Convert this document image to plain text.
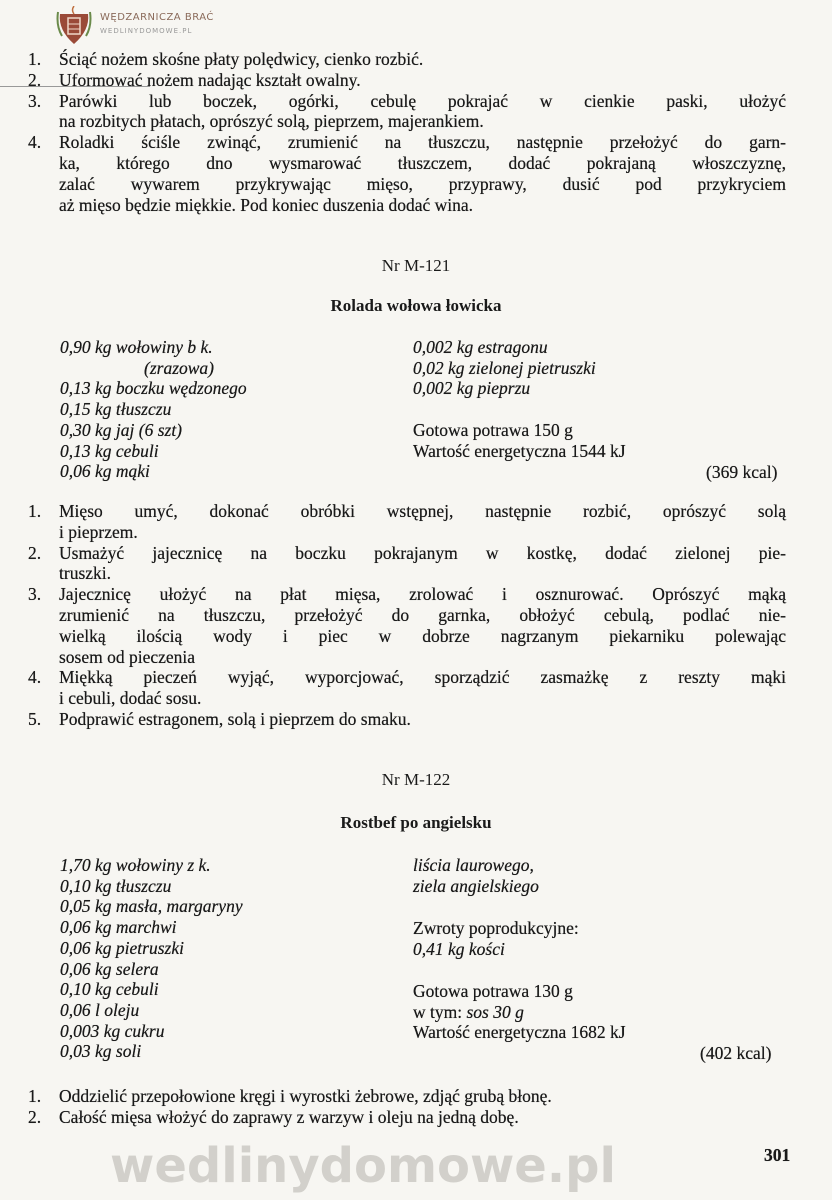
wedlinydomowe.pl
WĘDZARNICZA BRAĆ
WEDLINYDOMOWE.PL
1. Ściąć nożem skośne płaty polędwicy, cienko rozbić.
2. Uformować nożem nadając kształt owalny.
3. Parówki lub boczek, ogórki, cebulę pokrajać w cienkie paski, ułożyć
na rozbitych płatach, oprószyć solą, pieprzem, majerankiem.
4. Roladki ściśle zwinąć, zrumienić na tłuszczu, następnie przełożyć do garn-
ka, którego dno wysmarować tłuszczem, dodać pokrajaną włoszczyznę,
zalać wywarem przykrywając mięso, przyprawy, dusić pod przykryciem
aż mięso będzie miękkie. Pod koniec duszenia dodać wina.
Nr M-121
Rolada wołowa łowicka
0,90 kg wołowiny b k.
(zrazowa)
0,13 kg boczku wędzonego
0,15 kg tłuszczu
0,30 kg jaj (6 szt)
0,13 kg cebuli
0,06 kg mąki
0,002 kg estragonu
0,02 kg zielonej pietruszki
0,002 kg pieprzu
Gotowa potrawa 150 g
Wartość energetyczna 1544 kJ
(369 kcal)
1. Mięso umyć, dokonać obróbki wstępnej, następnie rozbić, oprószyć solą
i pieprzem.
2. Usmażyć jajecznicę na boczku pokrajanym w kostkę, dodać zielonej pie-
truszki.
3. Jajecznicę ułożyć na płat mięsa, zrolować i osznurować. Oprószyć mąką
zrumienić na tłuszczu, przełożyć do garnka, obłożyć cebulą, podlać nie-
wielką ilością wody i piec w dobrze nagrzanym piekarniku polewając
sosem od pieczenia
4. Miękką pieczeń wyjąć, wyporcjować, sporządzić zasmażkę z reszty mąki
i cebuli, dodać sosu.
5. Podprawić estragonem, solą i pieprzem do smaku.
Nr M-122
Rostbef po angielsku
1,70 kg wołowiny z k.
0,10 kg tłuszczu
0,05 kg masła, margaryny
0,06 kg marchwi
0,06 kg pietruszki
0,06 kg selera
0,10 kg cebuli
0,06 l oleju
0,003 kg cukru
0,03 kg soli
liścia laurowego,
ziela angielskiego
Zwroty poprodukcyjne:
0,41 kg kości
Gotowa potrawa 130 g
w tym: sos 30 g
Wartość energetyczna 1682 kJ
(402 kcal)
1. Oddzielić przepołowione kręgi i wyrostki żebrowe, zdjąć grubą błonę.
2. Całość mięsa włożyć do zaprawy z warzyw i oleju na jedną dobę.
301
